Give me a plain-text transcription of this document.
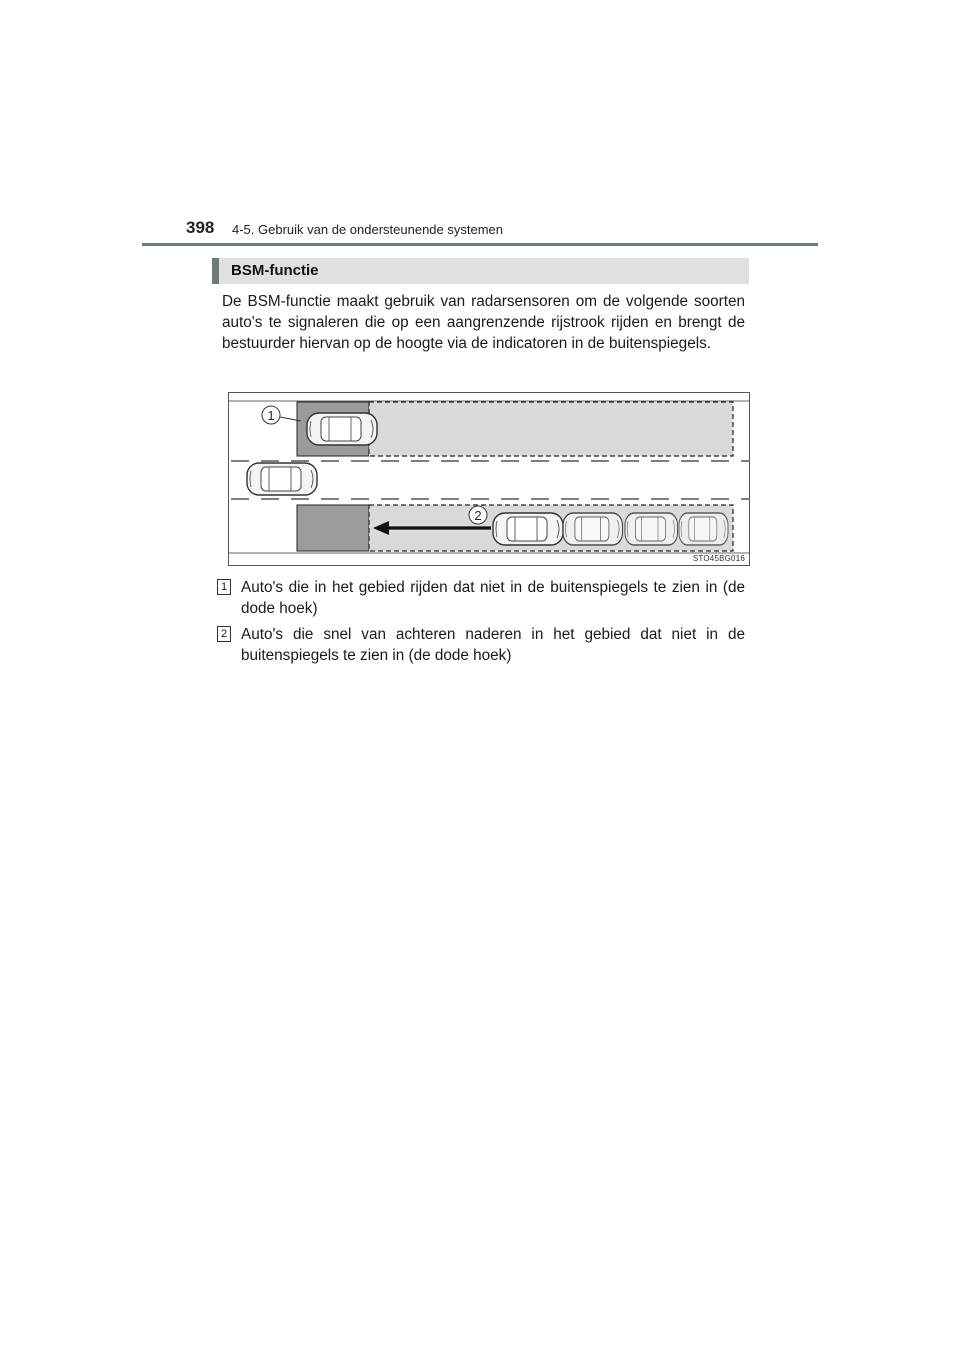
398 4-5. Gebruik van de ondersteunende systemen
BSM-functie

De BSM-functie maakt gebruik van radarsensoren om de volgende soorten auto's te signaleren die op een aangrenzende rijstrook rijden en brengt de bestuurder hiervan op de hoogte via de indicatoren in de buitenspiegels.

1
2
STO45BG016
1 Auto's die in het gebied rijden dat niet in de buitenspiegels te zien in (de dode hoek)

2 Auto's die snel van achteren naderen in het gebied dat niet in de buitenspiegels te zien in (de dode hoek)
